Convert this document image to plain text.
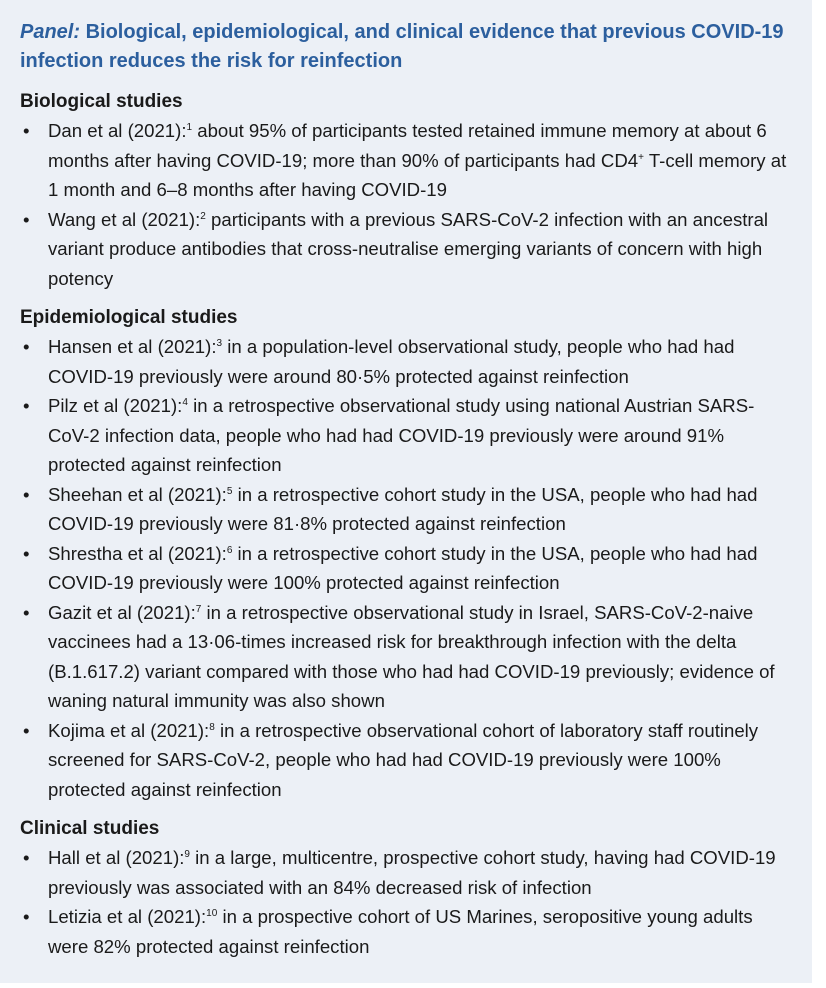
Panel: Biological, epidemiological, and clinical evidence that previous COVID-19 infection reduces the risk for reinfection
Biological studies
• Dan et al (2021):$^1$ about 95% of participants tested retained immune memory at about 6 months after having COVID-19; more than 90% of participants had CD4+ T-cell memory at 1 month and 6–8 months after having COVID-19
• Wang et al (2021):$^2$ participants with a previous SARS-CoV-2 infection with an ancestral variant produce antibodies that cross-neutralise emerging variants of concern with high potency
Epidemiological studies
• Hansen et al (2021):$^3$ in a population-level observational study, people who had had COVID-19 previously were around 80·5% protected against reinfection
• Pilz et al (2021):$^4$ in a retrospective observational study using national Austrian SARS-CoV-2 infection data, people who had had COVID-19 previously were around 91% protected against reinfection
• Sheehan et al (2021):$^5$ in a retrospective cohort study in the USA, people who had had COVID-19 previously were 81·8% protected against reinfection
• Shrestha et al (2021):$^6$ in a retrospective cohort study in the USA, people who had had COVID-19 previously were 100% protected against reinfection
• Gazit et al (2021):$^7$ in a retrospective observational study in Israel, SARS-CoV-2-naive vaccinees had a 13·06-times increased risk for breakthrough infection with the delta (B.1.617.2) variant compared with those who had had COVID-19 previously; evidence of waning natural immunity was also shown
• Kojima et al (2021):$^8$ in a retrospective observational cohort of laboratory staff routinely screened for SARS-CoV-2, people who had had COVID-19 previously were 100% protected against reinfection
Clinical studies
• Hall et al (2021):$^9$ in a large, multicentre, prospective cohort study, having had COVID-19 previously was associated with an 84% decreased risk of infection
• Letizia et al (2021):$^{10}$ in a prospective cohort of US Marines, seropositive young adults were 82% protected against reinfection
